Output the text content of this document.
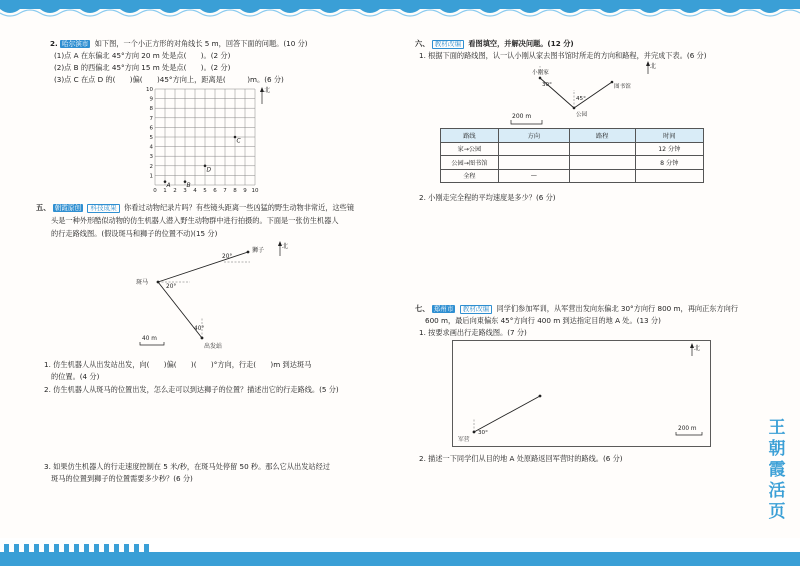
2. 哈尔滨市 如下图，一个小正方形的对角线长 5 m，回答下面的问题。(10 分)
(1)点 A 在东偏北 45°方向 20 m 处是点(　　)。(2 分)
(2)点 B 的西偏北 45°方向 15 m 处是点(　　)。(2 分)
(3)点 C 在点 D 的(　　)偏(　　)45°方向上，距离是(　　　)m。(6 分)
1
2
3
4
5
6
7
8
9
10
0 1 2 3 4 5 6 7 8 9 10
A	B
C
D
北
五、 朝霞原创 科技成果 你看过动物纪录片吗？有些镜头距离一些凶猛的野生动物非常近，这些镜
头是一种外形酷似动物的仿生机器人潜入野生动物群中进行拍摄的。下面是一张仿生机器人
的行走路线图。(假设斑马和狮子的位置不动)(15 分)
斑马
狮子
出发站
20°
20°
40°
北
40 m
1. 仿生机器人从出发站出发，向(　　)偏(　　)(　　)°方向，行走(　　)m 到达斑马
的位置。(4 分)
2. 仿生机器人从斑马的位置出发，怎么走可以到达狮子的位置？描述出它的行走路线。(5 分)
3. 如果仿生机器人的行走速度控制在 5 米/秒，在斑马处停留 50 秒。那么它从出发站经过
斑马的位置到狮子的位置需要多少秒？(6 分)
六、 教材改编 看图填空，并解决问题。(12 分)
1. 根据下面的路线图，认一认小刚从家去图书馆时所走的方向和路程，并完成下表。(6 分)
小刚家
图书馆
公园
30°
45°
北
200 m
路线	方向	路程	时间
家→公园			12 分钟
公园→图书馆			8 分钟
全程	—		
2. 小刚走完全程的平均速度是多少？(6 分)
七、 郑州市 教材改编 同学们参加军训，从军营出发向东偏北 30°方向行 800 m，再向正东方向行
600 m，最后向東偏东 45°方向行 400 m 到达指定目的地 A 处。(13 分)
1. 按要求画出行走路线图。(7 分)
军营
30°
北
200 m
2. 描述一下同学们从目的地 A 处原路返回军营时的路线。(6 分)
王
朝
霞
活
页
